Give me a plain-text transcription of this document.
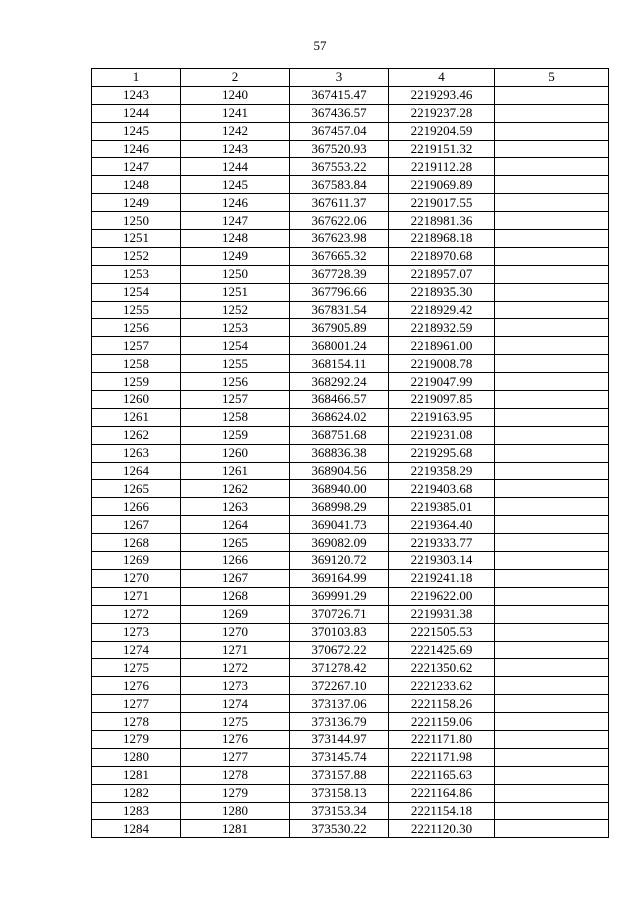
57
1	2	3	4	5
1243	1240	367415.47	2219293.46	
1244	1241	367436.57	2219237.28	
1245	1242	367457.04	2219204.59	
1246	1243	367520.93	2219151.32	
1247	1244	367553.22	2219112.28	
1248	1245	367583.84	2219069.89	
1249	1246	367611.37	2219017.55	
1250	1247	367622.06	2218981.36	
1251	1248	367623.98	2218968.18	
1252	1249	367665.32	2218970.68	
1253	1250	367728.39	2218957.07	
1254	1251	367796.66	2218935.30	
1255	1252	367831.54	2218929.42	
1256	1253	367905.89	2218932.59	
1257	1254	368001.24	2218961.00	
1258	1255	368154.11	2219008.78	
1259	1256	368292.24	2219047.99	
1260	1257	368466.57	2219097.85	
1261	1258	368624.02	2219163.95	
1262	1259	368751.68	2219231.08	
1263	1260	368836.38	2219295.68	
1264	1261	368904.56	2219358.29	
1265	1262	368940.00	2219403.68	
1266	1263	368998.29	2219385.01	
1267	1264	369041.73	2219364.40	
1268	1265	369082.09	2219333.77	
1269	1266	369120.72	2219303.14	
1270	1267	369164.99	2219241.18	
1271	1268	369991.29	2219622.00	
1272	1269	370726.71	2219931.38	
1273	1270	370103.83	2221505.53	
1274	1271	370672.22	2221425.69	
1275	1272	371278.42	2221350.62	
1276	1273	372267.10	2221233.62	
1277	1274	373137.06	2221158.26	
1278	1275	373136.79	2221159.06	
1279	1276	373144.97	2221171.80	
1280	1277	373145.74	2221171.98	
1281	1278	373157.88	2221165.63	
1282	1279	373158.13	2221164.86	
1283	1280	373153.34	2221154.18	
1284	1281	373530.22	2221120.30	
